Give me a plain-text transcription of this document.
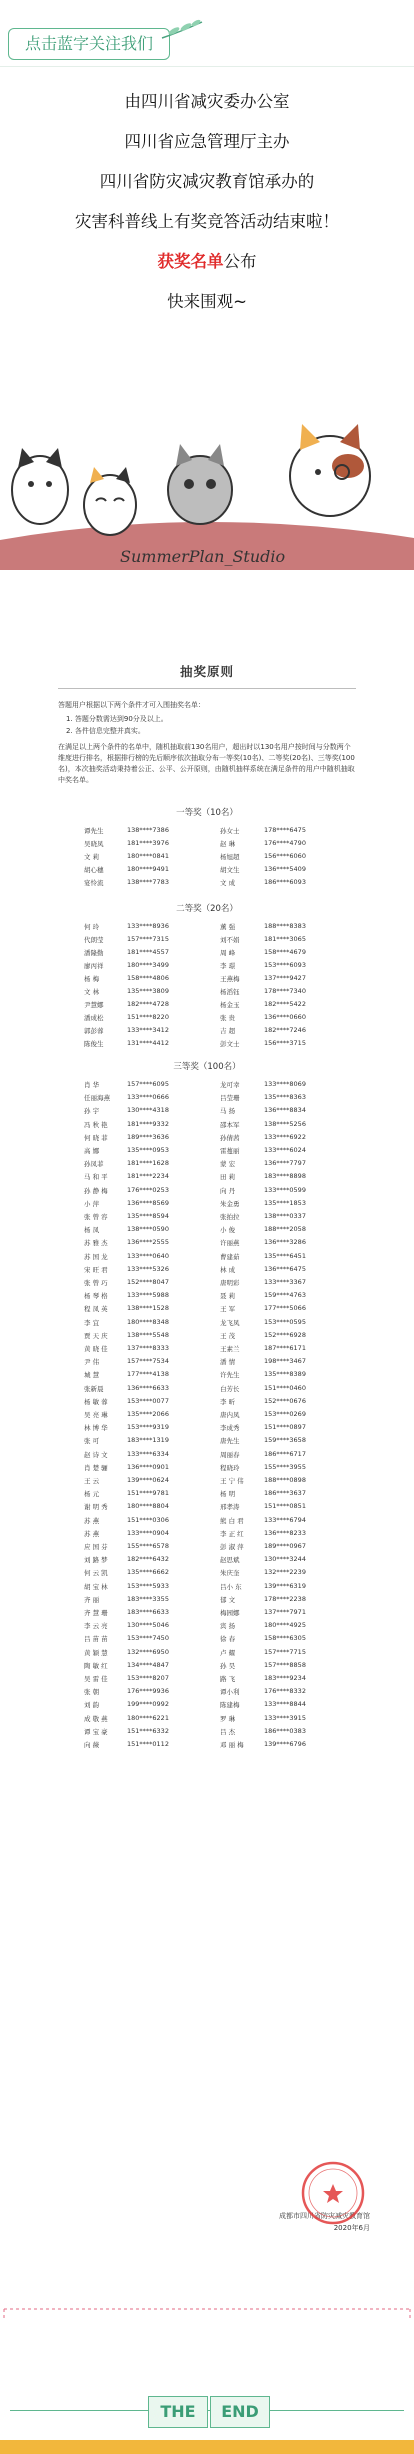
点击蓝字关注我们

由四川省减灾委办公室

四川省应急管理厅主办

四川省防灾减灾教育馆承办的

灾害科普线上有奖竞答活动结束啦！

获奖名单公布

快来围观~

SummerPlan_Studio
抽奖原则
答题用户根据以下两个条件才可入围抽奖名单：
1. 答题分数需达到90分及以上。
2. 各件信息完整并真实。
在满足以上两个条件的名单中，随机抽取前130名用户，超出时以130名用户按时间与分数两个维度进行排名，根据排行榜的先后顺序依次抽取分布一等奖(10名)、二等奖(20名)、三等奖(100名)，本次抽奖活动秉持着公正、公平、公开原则，由随机抽样系统在满足条件的用户中随机抽取中奖名单。
一等奖（10名）
谭先生	138****7386	孙女士	178****6475
吴晓凤	181****3976	赵 琳	176****4790
文 莉	180****0841	杨旭超	156****6060
胡心穗	180****9491	胡文生	136****5409
宴怜流	138****7783	文 成	186****6093
二等奖（20名）
何 玲	133****8936	薰 强	188****8383
代朗莹	157****7315	刘不娟	181****3065
潘隆勤	181****4557	周 峰	158****4679
廖丙祥	180****3499	李 璟	153****6093
杨 梅	158****4806	王燕梅	137****9427
文 林	135****3809	杨滔钰	178****7340
尹慧娜	182****4728	杨金玉	182****5422
潘成松	151****8220	张 贵	136****0660
郭彭蓉	133****3412	吉 超	182****7246
陈俊生	131****4412	彭文士	156****3715
三等奖（100名）
肖 华	157****6095	龙可幸	133****8069
任丽海燕	133****0666	吕莹珊	135****8363
孙 宇	130****4318	马 扬	136****8834
冯 秋 艳	181****9332	邵本军	138****5256
何 晓 菲	189****3636	孙倩茜	133****6922
高 娜	135****0953	雷蔓丽	133****6024
孙凤菲	181****1628	蒙 宏	136****7797
马 和 平	181****2234	田 莉	183****8898
孙 静 梅	176****0253	向 丹	133****0599
小 萍	136****8569	朱金勇	135****1853
张 曾 容	135****8594	张拍拉	138****0337
杨 凤	138****0590	小 俊	188****2058
苏 雅 杰	136****2555	许丽燕	136****3286
苏 国 龙	133****0640	曹建茹	135****6451
宋 旺 君	133****5326	林 成	136****6475
张 曾 巧	152****8047	唐明彩	133****3367
杨 琴 格	133****5988	聂 莉	159****4763
程 凤 英	138****1528	王 军	177****5066
李 宜	180****8348	龙飞凤	153****0595
贾 天 庆	138****5548	王 茂	152****6928
黄 晓 佳	137****8333	王素兰	187****6171
尹 伟	157****7534	潘 情	198****3467
城 慧	177****4138	许先生	135****8389
张新晨	136****6633	白芳长	151****0460
杨 敏 蓉	153****0077	李 昕	152****0676
吴 亮 琳	135****2066	唐内凤	153****0269
林 博 华	153****9319	李成秀	151****0897
张 可	183****1319	唐先生	159****3658
赵 诗 文	133****6334	周丽春	186****6717
肖 楚 骊	136****0901	程晓玲	155****3955
王 云	139****0624	王 宁 伟	188****0898
杨 元	151****9781	杨 明	186****3637
谢 明 秀	180****8804	邢孝涛	151****0851
苏 燕	151****0306	熊 白 君	133****6794
苏 燕	133****0904	李 正 红	136****8233
应 国 芬	155****6578	彭 淑 萍	189****0967
刘 路 梦	182****6432	赵思斌	130****3244
何 云 凯	135****6662	朱庆奎	132****2239
胡 宝 林	153****5933	吕小 东	139****6319
齐 丽	183****3355	郁 文	178****2238
齐 慧 珊	183****6633	梅园娜	137****7971
李 云 亮	130****5046	宾 扬	180****4925
吕 苗 苗	153****7450	徐 春	158****6305
黄 颖 慧	132****6950	卢 耀	157****7715
陶 敏 红	134****4847	孙 昊	157****8858
吴 雷 佳	153****8207	路 飞	183****9234
张 朝	176****9936	谭小利	176****8332
刘 韵	199****0992	陈建梅	133****8844
成 敬 燕	180****6221	罗 琳	133****3915
谭 宝 豪	151****6332	吕 杰	186****0383
向 薇	151****0112	邓 丽 梅	139****6796
成都市四川省防灾减灾教育馆
2020年6月
THE	END
